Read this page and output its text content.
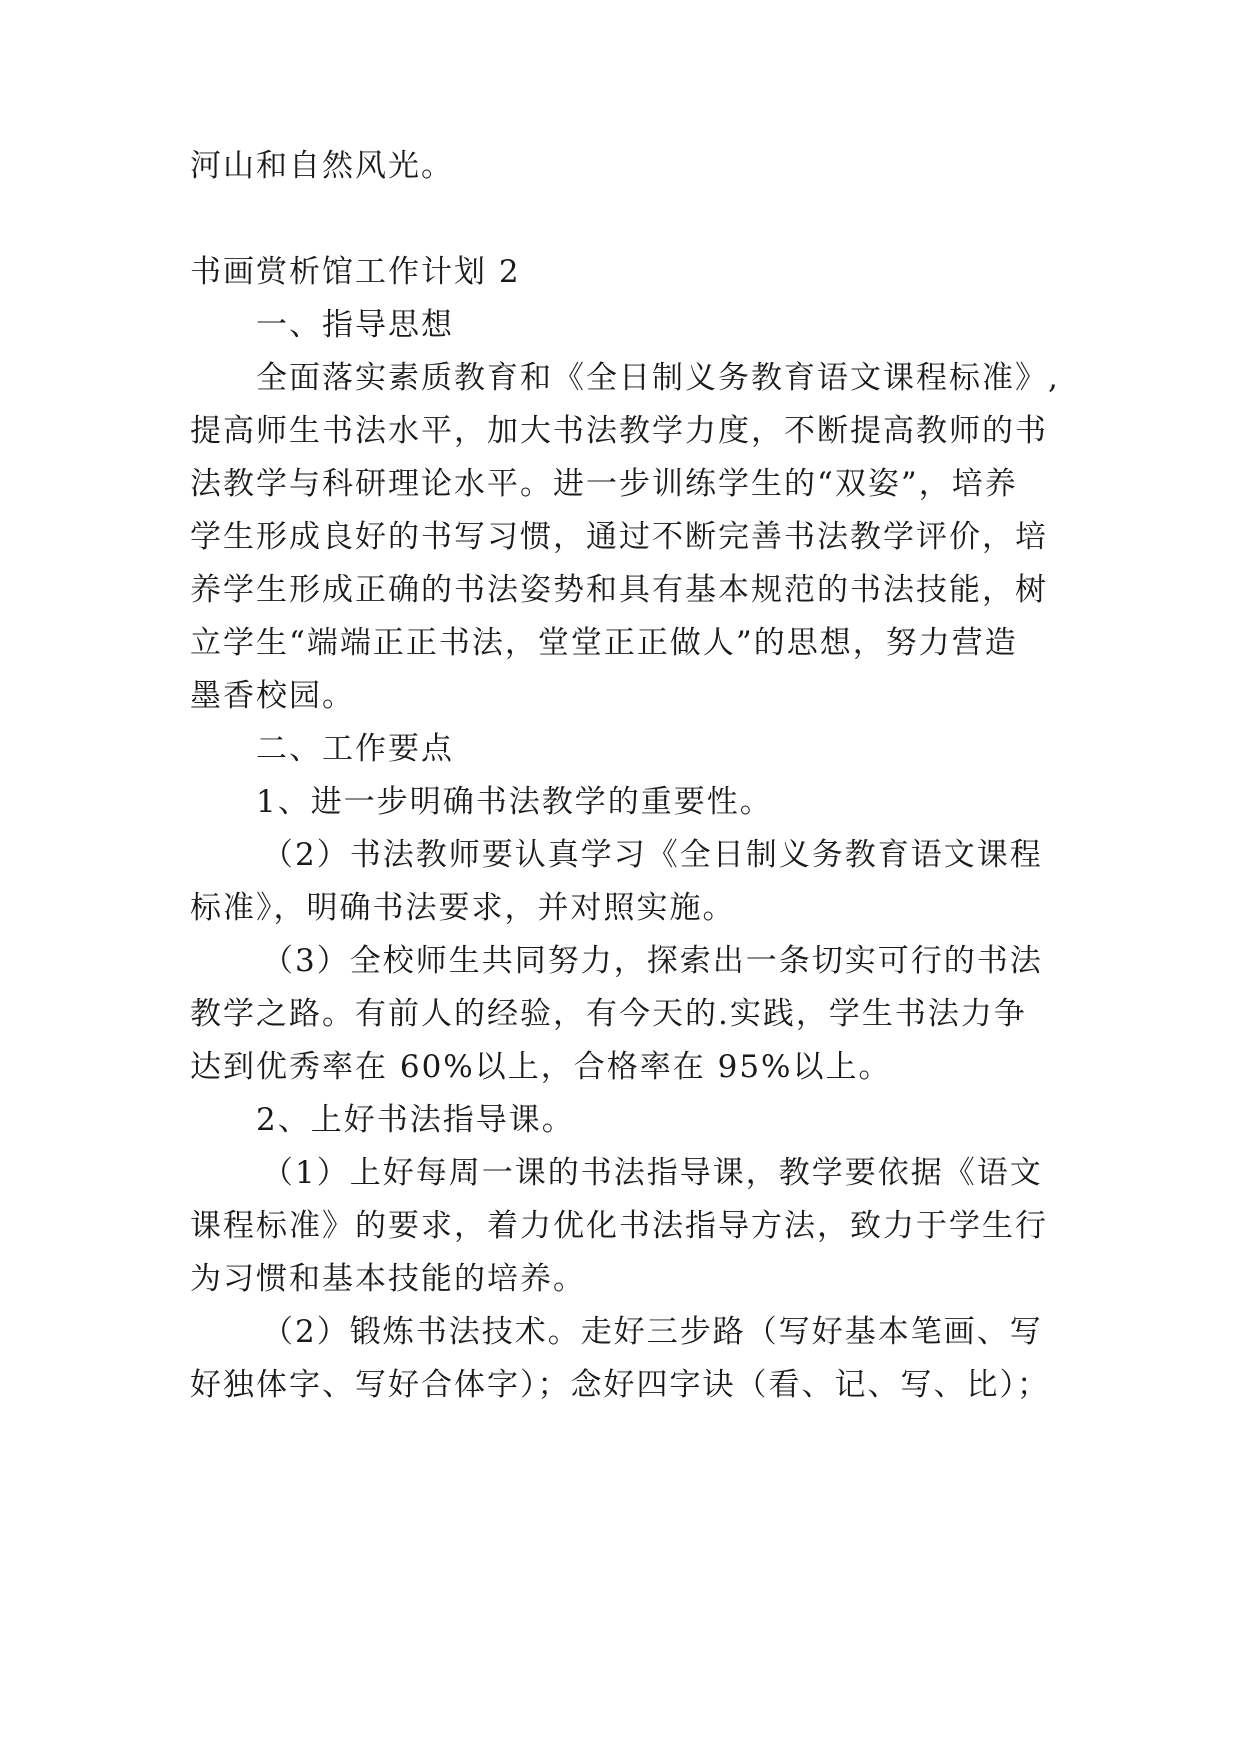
河山和自然风光。

书画赏析馆工作计划 2

一、指导思想

全面落实素质教育和《全日制义务教育语文课程标准》,

提高师生书法水平，加大书法教学力度，不断提高教师的书

法教学与科研理论水平。进一步训练学生的“双姿”，培养

学生形成良好的书写习惯，通过不断完善书法教学评价，培

养学生形成正确的书法姿势和具有基本规范的书法技能，树

立学生“端端正正书法，堂堂正正做人”的思想，努力营造

墨香校园。

二、工作要点

1、进一步明确书法教学的重要性。

（2）书法教师要认真学习《全日制义务教育语文课程

标准》，明确书法要求，并对照实施。

（3）全校师生共同努力，探索出一条切实可行的书法

教学之路。有前人的经验，有今天的.实践，学生书法力争

达到优秀率在 60%以上，合格率在 95%以上。

2、上好书法指导课。

（1）上好每周一课的书法指导课，教学要依据《语文

课程标准》的要求，着力优化书法指导方法，致力于学生行

为习惯和基本技能的培养。

（2）锻炼书法技术。走好三步路（写好基本笔画、写

好独体字、写好合体字）；念好四字诀（看、记、写、比）；
